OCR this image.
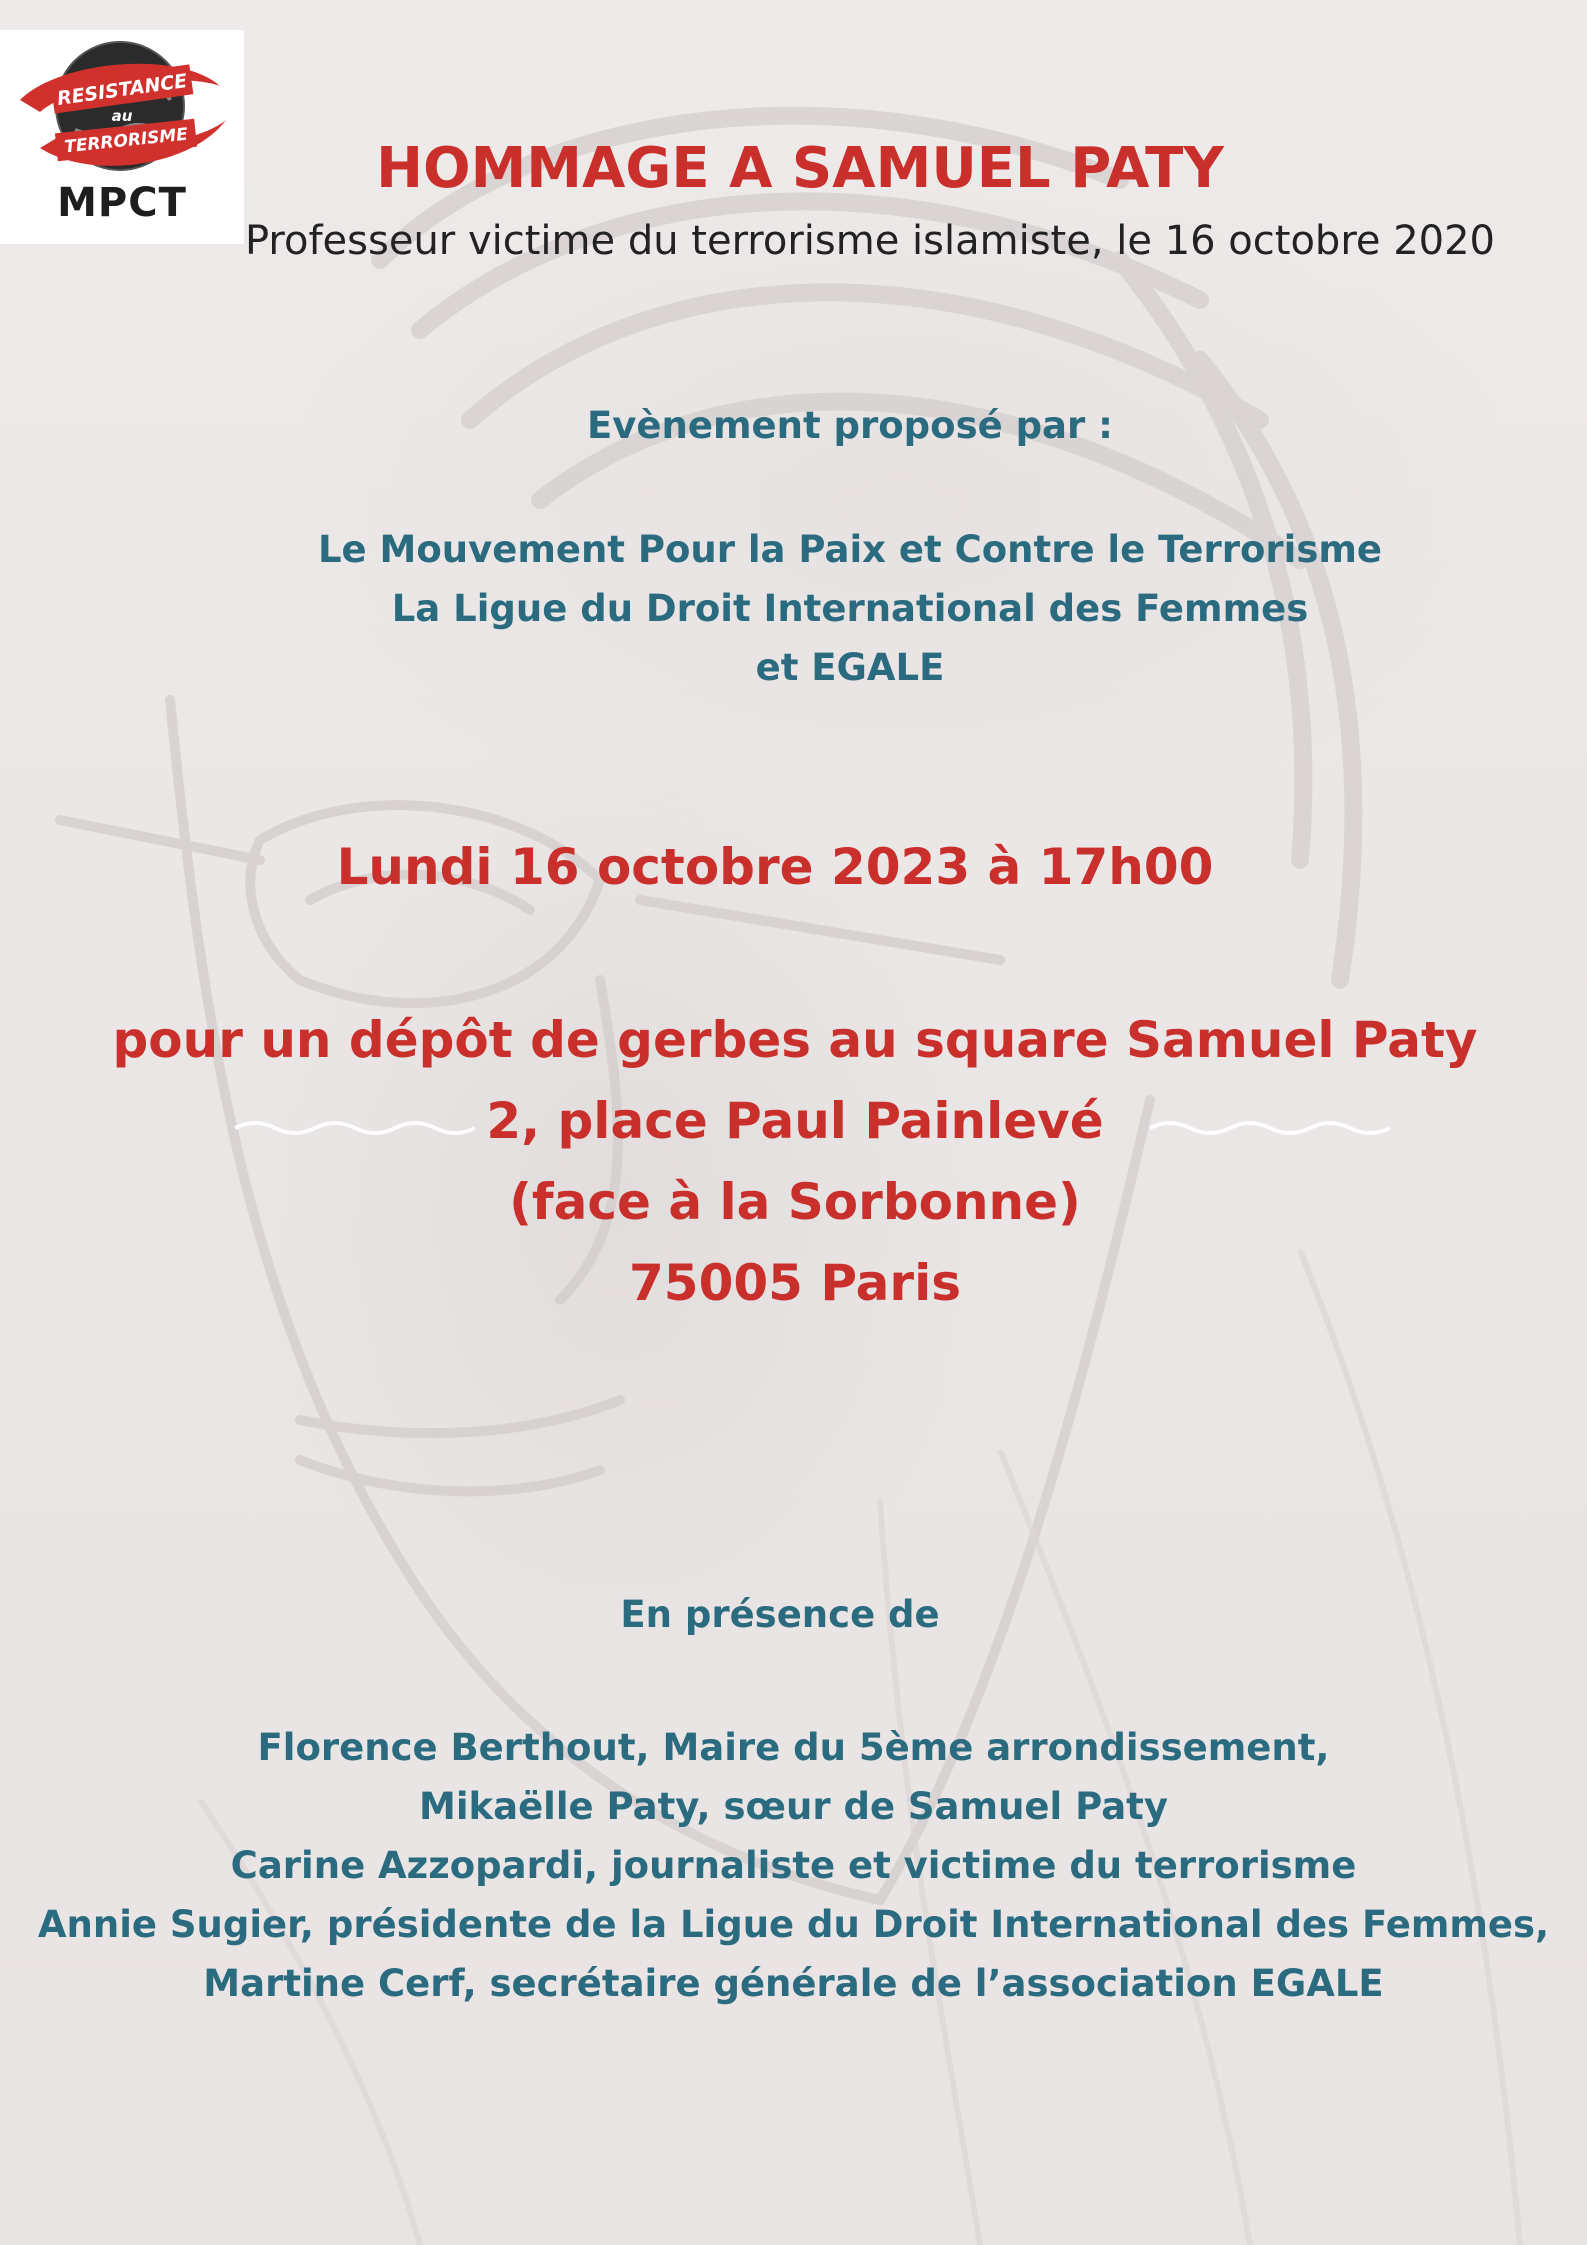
RESISTANCE
au
TERRORISME
MPCT
HOMMAGE A SAMUEL PATY
Professeur victime du terrorisme islamiste, le 16 octobre 2020
Evènement proposé par :
Le Mouvement Pour la Paix et Contre le Terrorisme
La Ligue du Droit International des Femmes
et EGALE
Lundi 16 octobre 2023 à 17h00
pour un dépôt de gerbes au square Samuel Paty
2, place Paul Painlevé
(face à la Sorbonne)
75005 Paris
En présence de
Florence Berthout, Maire du 5ème arrondissement,
Mikaëlle Paty, sœur de Samuel Paty
Carine Azzopardi, journaliste et victime du terrorisme
Annie Sugier, présidente de la Ligue du Droit International des Femmes,
Martine Cerf, secrétaire générale de l’association EGALE
